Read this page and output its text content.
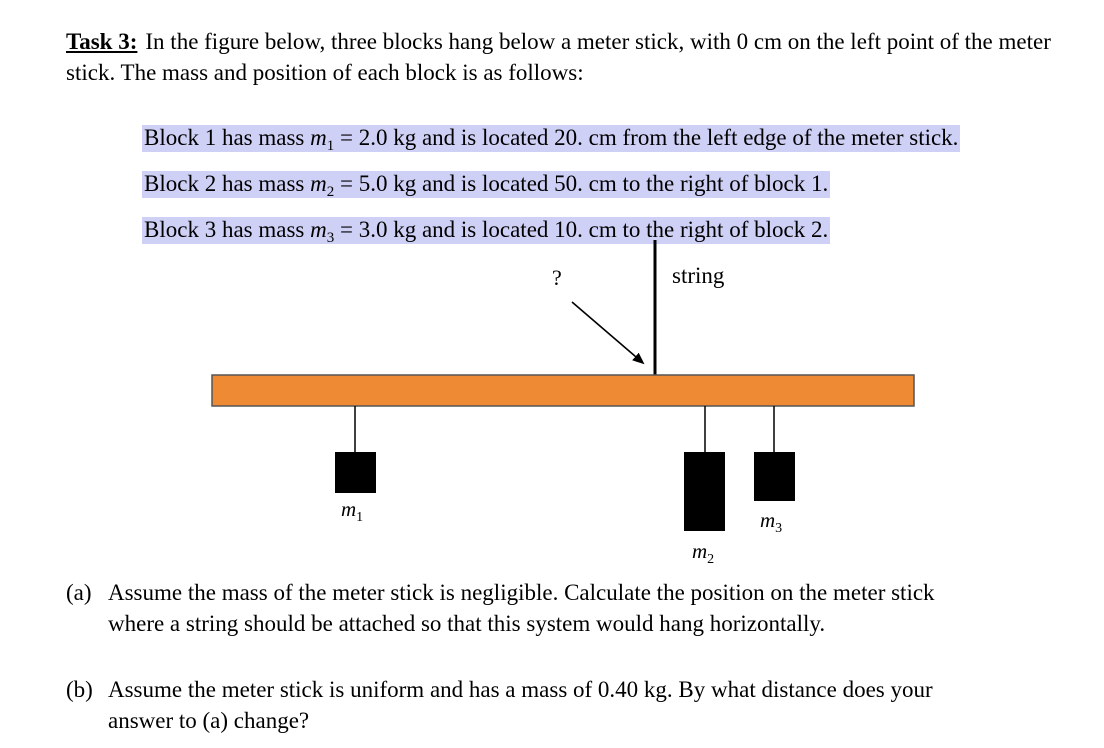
Task 3: In the figure below, three blocks hang below a meter stick, with 0 cm on the left point of the meter stick. The mass and position of each block is as follows:
Block 1 has mass $m_1 = 2.0$ kg and is located 20. cm from the left edge of the meter stick.
Block 2 has mass $m_2 = 5.0$ kg and is located 50. cm to the right of block 1.
Block 3 has mass $m_3 = 3.0$ kg and is located 10. cm to the right of block 2.
?	string
$m_1$
$m_2$
$m_3$
(a) Assume the mass of the meter stick is negligible. Calculate the position on the meter stick
where a string should be attached so that this system would hang horizontally.
(b) Assume the meter stick is uniform and has a mass of 0.40 kg. By what distance does your
answer to (a) change?
